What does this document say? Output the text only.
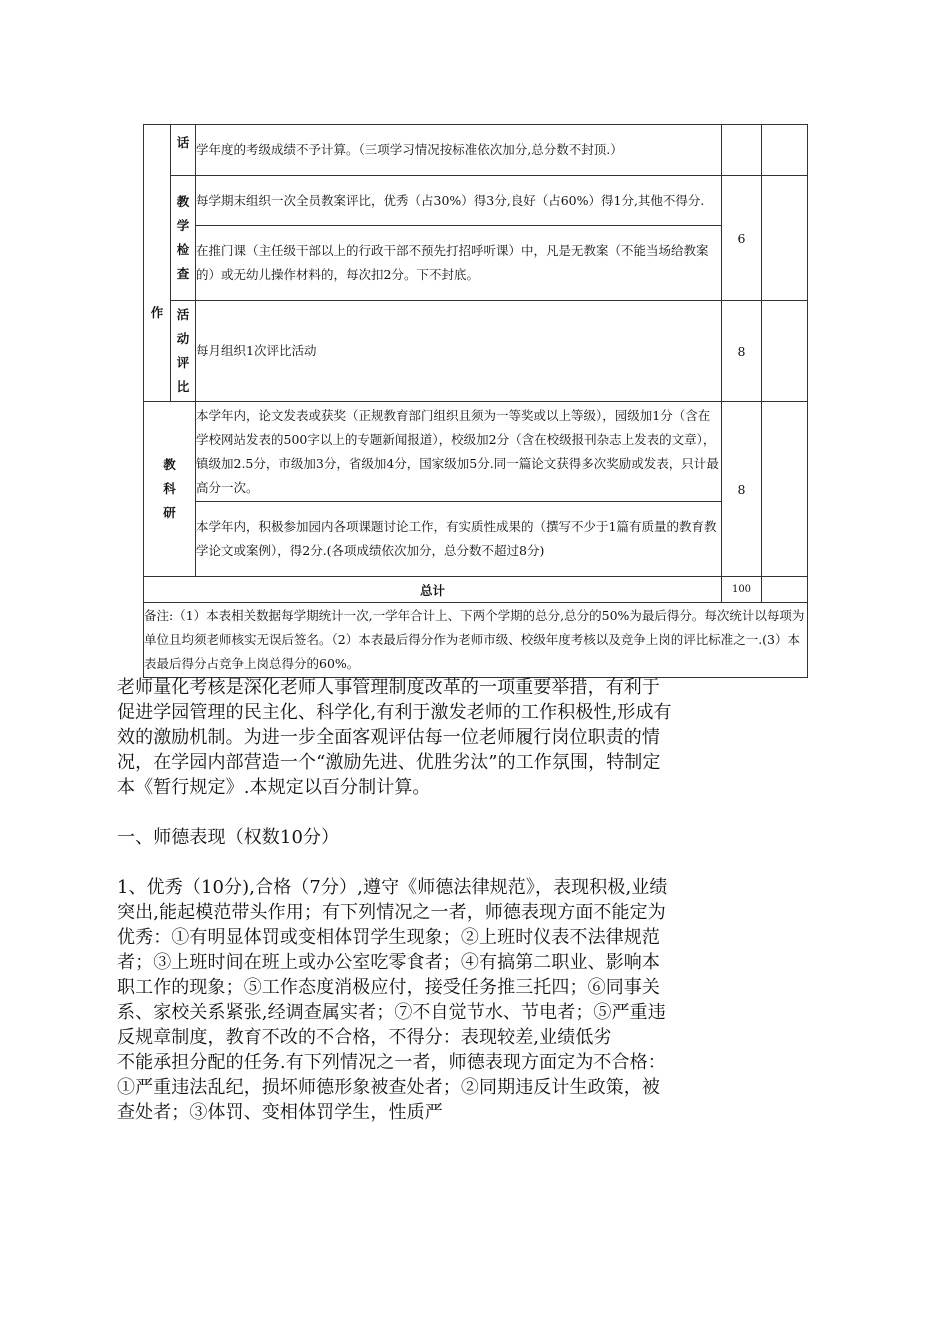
作	话	学年度的考级成绩不予计算。（三项学习情况按标准依次加分,总分数不封顶.）		

	教学检查	每学期末组织一次全员教案评比，优秀（占30%）得3分,良好（占60%）得1分,其他不得分.	6	
		在推门课（主任级干部以上的行政干部不预先打招呼听课）中，凡是无教案（不能当场给教案的）或无幼儿操作材料的，每次扣2分。下不封底。		

	活动评比	每月组织1次评比活动	8	

教科研		本学年内，论文发表或获奖（正规教育部门组织且须为一等奖或以上等级），园级加1分（含在学校网站发表的500字以上的专题新闻报道），校级加2分（含在校级报刊杂志上发表的文章），镇级加2.5分，市级加3分，省级加4分，国家级加5分.同一篇论文获得多次奖励或发表，只计最高分一次。	8	
		本学年内，积极参加园内各项课题讨论工作，有实质性成果的（撰写不少于1篇有质量的教育教学论文或案例），得2分.(各项成绩依次加分，总分数不超过8分)		
总计			100	
备注:（1）本表相关数据每学期统计一次,一学年合计上、下两个学期的总分,总分的50%为最后得分。每次统计以每项为单位且均须老师核实无误后签名。（2）本表最后得分作为老师市级、校级年度考核以及竞争上岗的评比标准之一.(3）本表最后得分占竞争上岗总得分的60%。				

老师量化考核是深化老师人事管理制度改革的一项重要举措，有利于促进学园管理的民主化、科学化,有利于激发老师的工作积极性,形成有效的激励机制。为进一步全面客观评估每一位老师履行岗位职责的情况，在学园内部营造一个“激励先进、优胜劣汰”的工作氛围，特制定本《暂行规定》.本规定以百分制计算。

一、师德表现（权数10分）

1、优秀（10分),合格（7分）,遵守《师德法律规范》，表现积极,业绩突出,能起模范带头作用；有下列情况之一者，师德表现方面不能定为优秀：①有明显体罚或变相体罚学生现象；②上班时仪表不法律规范者；③上班时间在班上或办公室吃零食者；④有搞第二职业、影响本职工作的现象；⑤工作态度消极应付，接受任务推三托四；⑥同事关系、家校关系紧张,经调查属实者；⑦不自觉节水、节电者；⑤严重违反规章制度，教育不改的不合格，不得分：表现较差,业绩低劣

不能承担分配的任务.有下列情况之一者，师德表现方面定为不合格：①严重违法乱纪，损坏师德形象被查处者；②同期违反计生政策，被查处者；③体罚、变相体罚学生，性质严
